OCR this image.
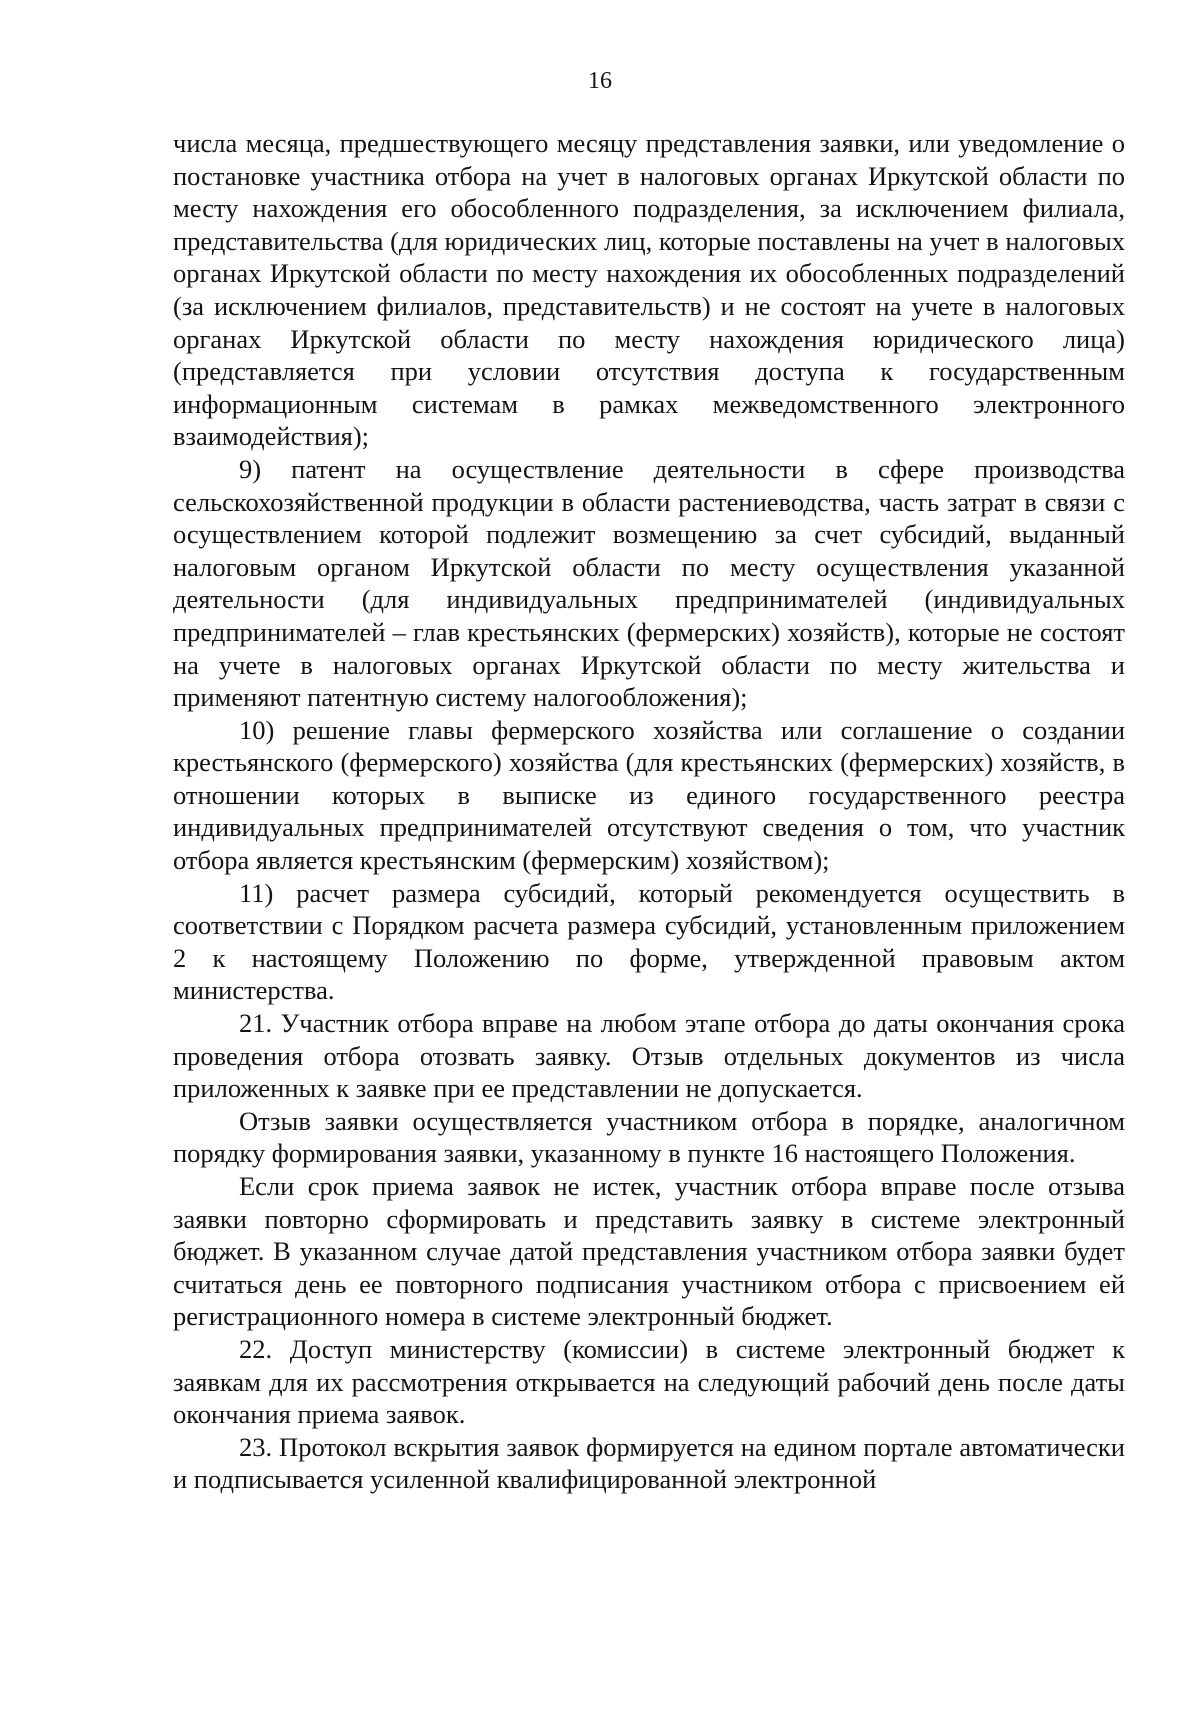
16

числа месяца, предшествующего месяцу представления заявки, или уведомление о постановке участника отбора на учет в налоговых органах Иркутской области по месту нахождения его обособленного подразделения, за исключением филиала, представительства (для юридических лиц, которые поставлены на учет в налоговых органах Иркутской области по месту нахождения их обособленных подразделений (за исключением филиалов, представительств) и не состоят на учете в налоговых органах Иркутской области по месту нахождения юридического лица) (представляется при условии отсутствия доступа к государственным информационным системам в рамках межведомственного электронного взаимодействия);

9) патент на осуществление деятельности в сфере производства сельскохозяйственной продукции в области растениеводства, часть затрат в связи с осуществлением которой подлежит возмещению за счет субсидий, выданный налоговым органом Иркутской области по месту осуществления указанной деятельности (для индивидуальных предпринимателей (индивидуальных предпринимателей – глав крестьянских (фермерских) хозяйств), которые не состоят на учете в налоговых органах Иркутской области по месту жительства и применяют патентную систему налогообложения);

10) решение главы фермерского хозяйства или соглашение о создании крестьянского (фермерского) хозяйства (для крестьянских (фермерских) хозяйств, в отношении которых в выписке из единого государственного реестра индивидуальных предпринимателей отсутствуют сведения о том, что участник отбора является крестьянским (фермерским) хозяйством);

11) расчет размера субсидий, который рекомендуется осуществить в соответствии с Порядком расчета размера субсидий, установленным приложением 2 к настоящему Положению по форме, утвержденной правовым актом министерства.

21. Участник отбора вправе на любом этапе отбора до даты окончания срока проведения отбора отозвать заявку. Отзыв отдельных документов из числа приложенных к заявке при ее представлении не допускается.

Отзыв заявки осуществляется участником отбора в порядке, аналогичном порядку формирования заявки, указанному в пункте 16 настоящего Положения.

Если срок приема заявок не истек, участник отбора вправе после отзыва заявки повторно сформировать и представить заявку в системе электронный бюджет. В указанном случае датой представления участником отбора заявки будет считаться день ее повторного подписания участником отбора с присвоением ей регистрационного номера в системе электронный бюджет.

22. Доступ министерству (комиссии) в системе электронный бюджет к заявкам для их рассмотрения открывается на следующий рабочий день после даты окончания приема заявок.

23. Протокол вскрытия заявок формируется на едином портале автоматически и подписывается усиленной квалифицированной электронной
